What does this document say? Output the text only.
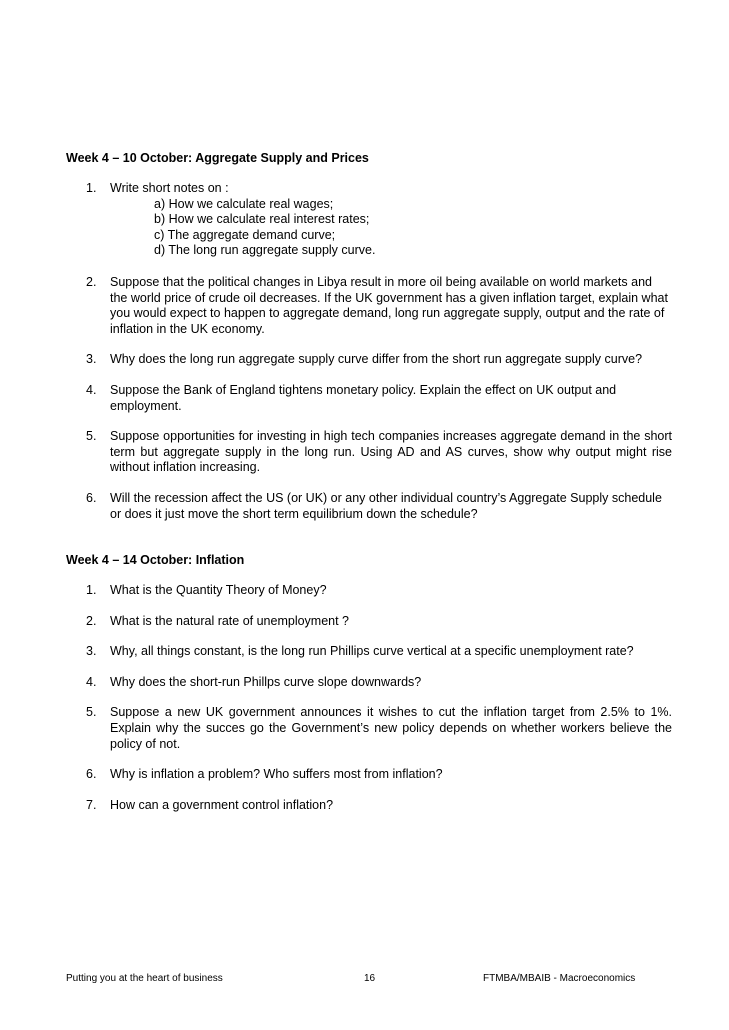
Week 4 – 10 October: Aggregate Supply and Prices

1. Write short notes on :
a) How we calculate real wages;
b) How we calculate real interest rates;
c) The aggregate demand curve;
d) The long run aggregate supply curve.
2. Suppose that the political changes in Libya result in more oil being available on world markets and the world price of crude oil decreases. If the UK government has a given inflation target, explain what you would expect to happen to aggregate demand, long run aggregate supply, output and the rate of inflation in the UK economy.
3. Why does the long run aggregate supply curve differ from the short run aggregate supply curve?
4. Suppose the Bank of England tightens monetary policy. Explain the effect on UK output and employment.
5. Suppose opportunities for investing in high tech companies increases aggregate demand in the short term but aggregate supply in the long run. Using AD and AS curves, show why output might rise without inflation increasing.
6. Will the recession affect the US (or UK) or any other individual country’s Aggregate Supply schedule or does it just move the short term equilibrium down the schedule?

Week 4 – 14 October: Inflation

1. What is the Quantity Theory of Money?
2. What is the natural rate of unemployment ?
3. Why, all things constant, is the long run Phillips curve vertical at a specific unemployment rate?
4. Why does the short-run Phillps curve slope downwards?
5. Suppose a new UK government announces it wishes to cut the inflation target from 2.5% to 1%. Explain why the succes go the Government’s new policy depends on whether workers believe the policy of not.
6. Why is inflation a problem? Who suffers most from inflation?
7. How can a government control inflation?
Putting you at the heart of business	16	FTMBA/MBAIB - Macroeconomics
